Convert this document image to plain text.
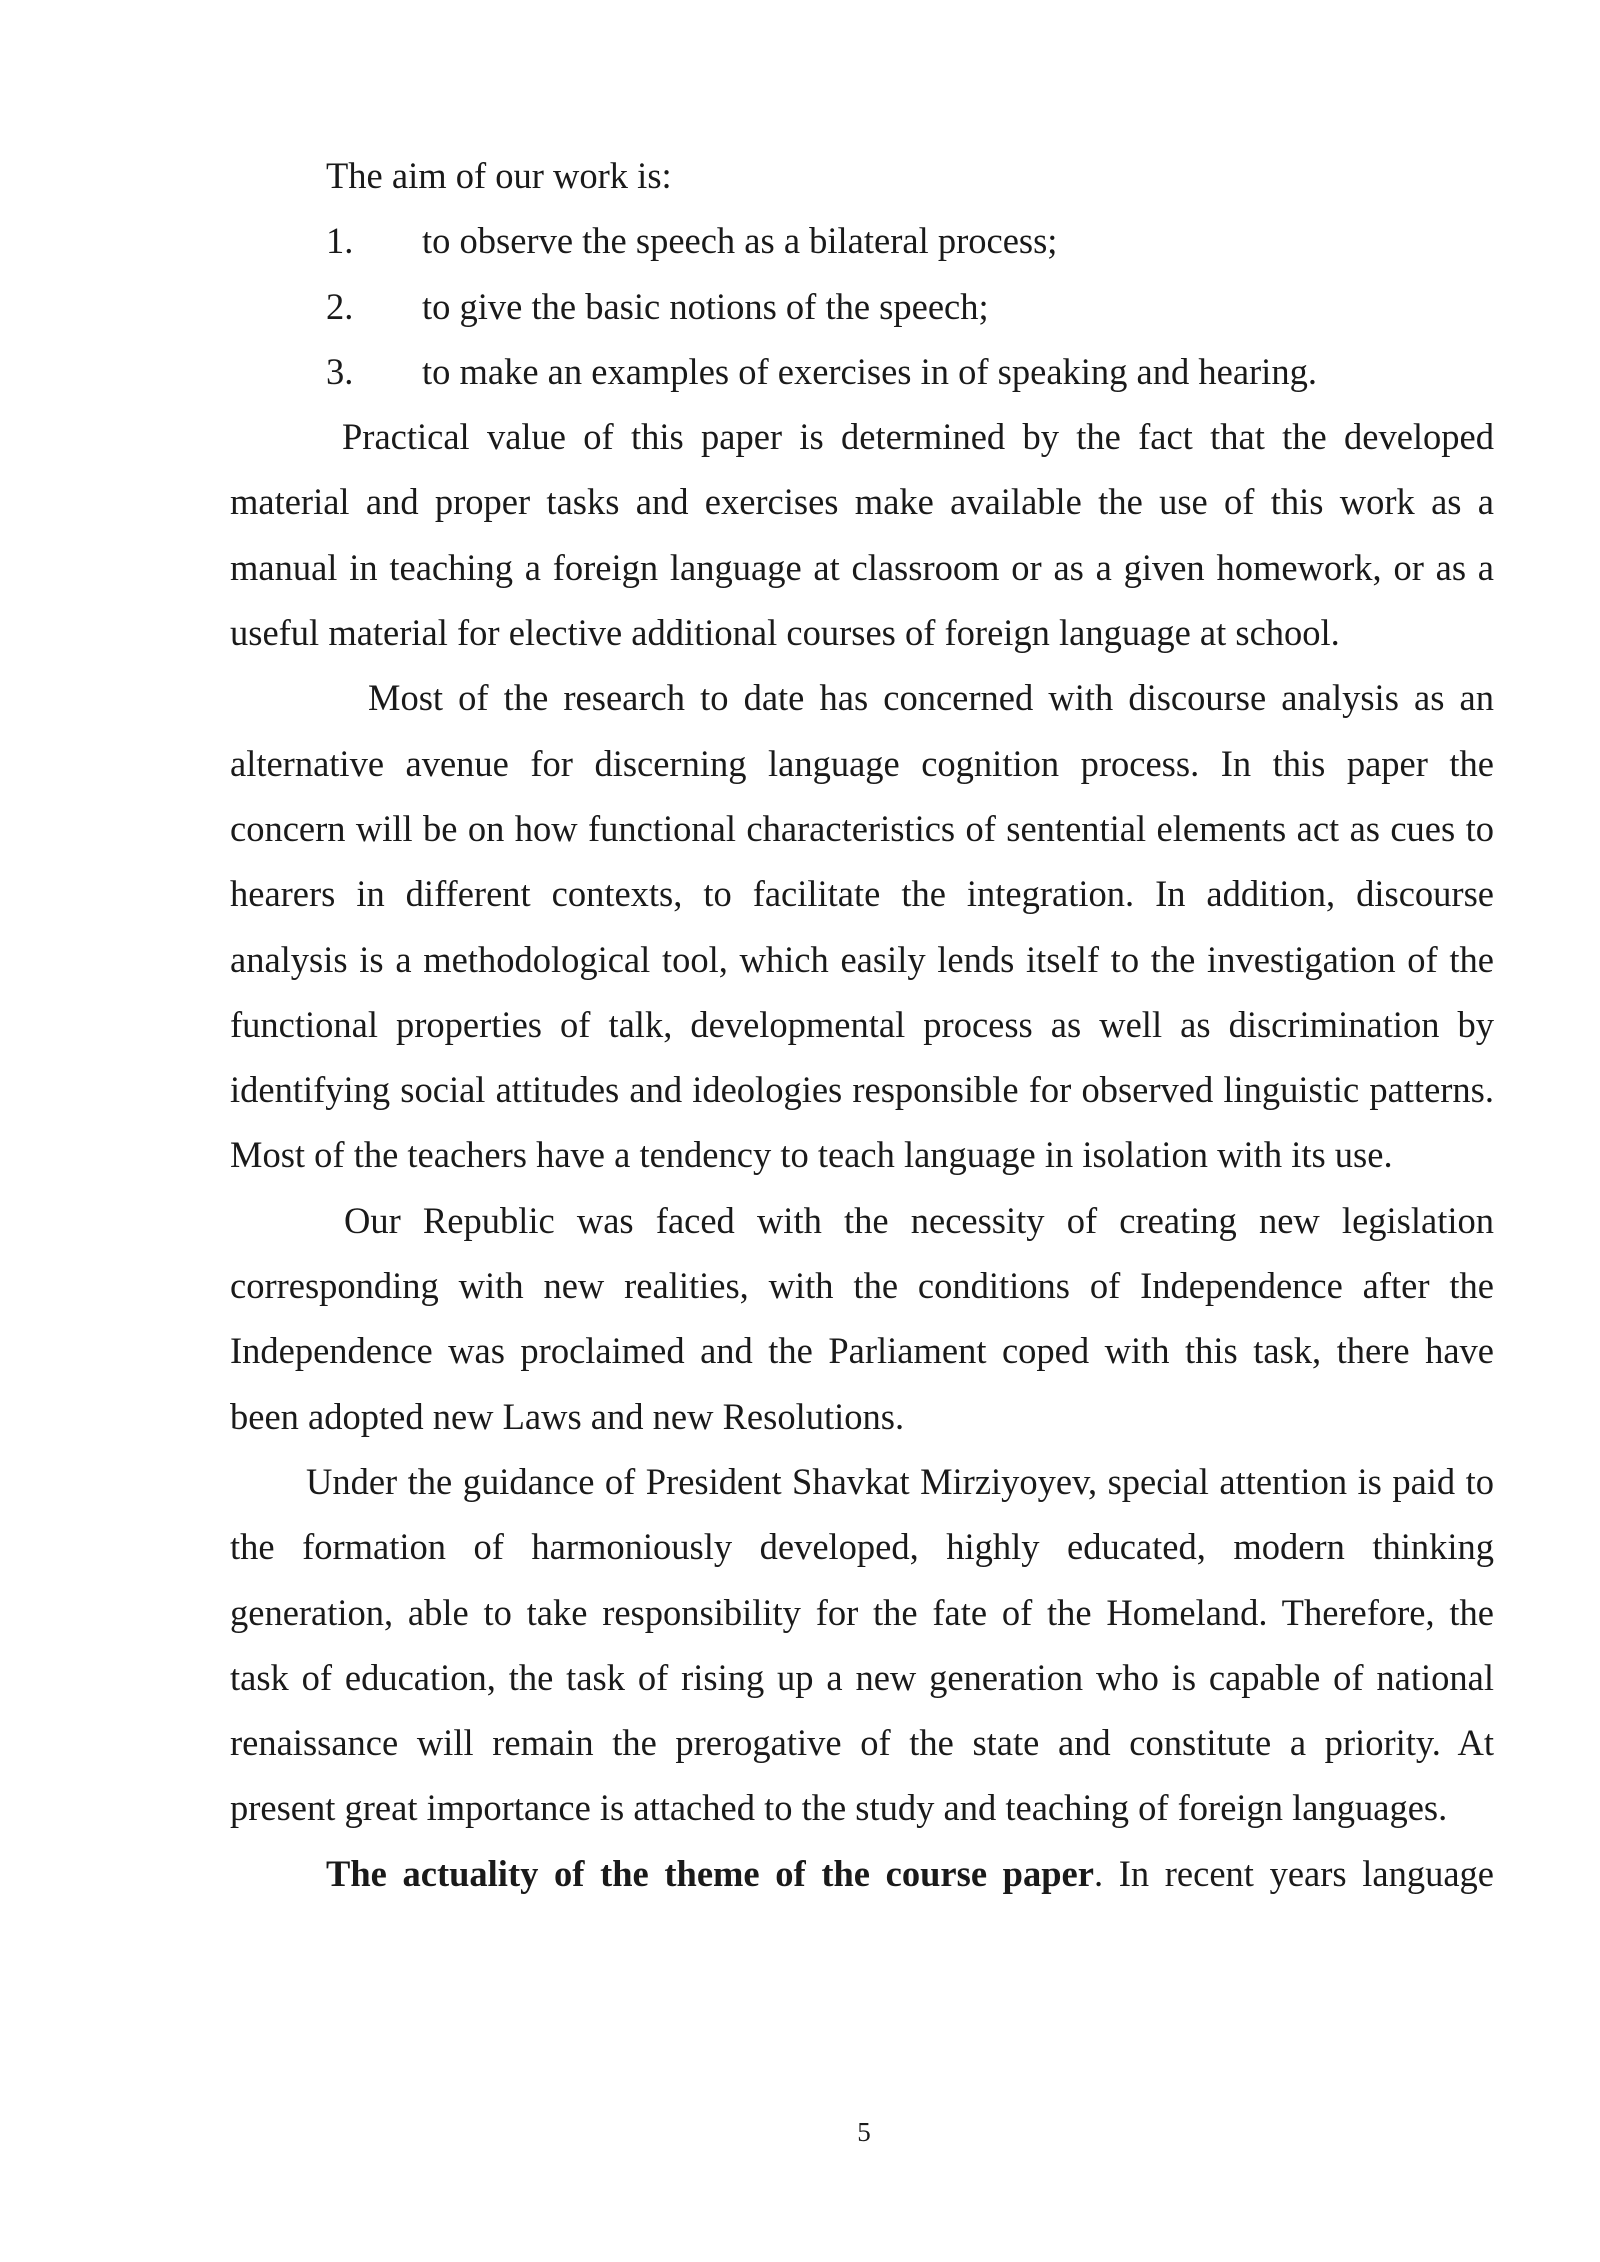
The aim of our work is:
1. to observe the speech as a bilateral process;
2. to give the basic notions of the speech;
3. to make an examples of exercises in of speaking and hearing.

Practical value of this paper is determined by the fact that the developed material and proper tasks and exercises make available the use of this work as a manual in teaching a foreign language at classroom or as a given homework, or as a useful material for elective additional courses of foreign language at school.

Most of the research to date has concerned with discourse analysis as an alternative avenue for discerning language cognition process. In this paper the concern will be on how functional characteristics of sentential elements act as cues to hearers in different contexts, to facilitate the integration. In addition, discourse analysis is a methodological tool, which easily lends itself to the investigation of the functional properties of talk, developmental process as well as discrimination by identifying social attitudes and ideologies responsible for observed linguistic patterns. Most of the teachers have a tendency to teach language in isolation with its use.

Our Republic was faced with the necessity of creating new legislation corresponding with new realities, with the conditions of Independence after the Independence was proclaimed and the Parliament coped with this task, there have been adopted new Laws and new Resolutions.

Under the guidance of President Shavkat Mirziyoyev, special attention is paid to the formation of harmoniously developed, highly educated, modern thinking generation, able to take responsibility for the fate of the Homeland. Therefore, the task of education, the task of rising up a new generation who is capable of national renaissance will remain the prerogative of the state and constitute a priority. At present great importance is attached to the study and teaching of foreign languages.

The actuality of the theme of the course paper. In recent years language

5
